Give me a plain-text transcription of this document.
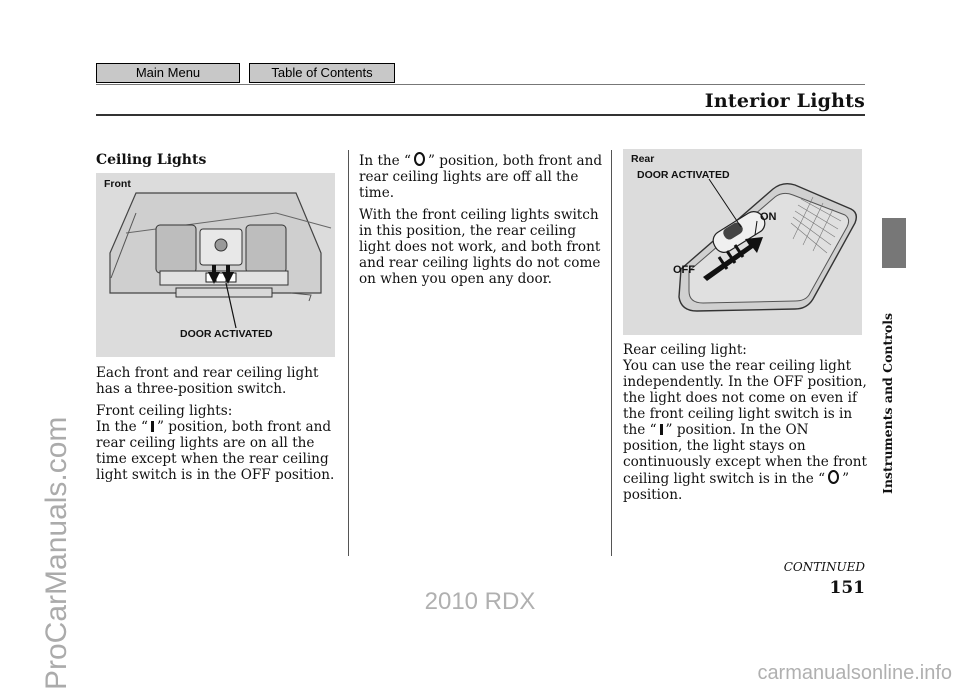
Main Menu	Table of Contents
Interior Lights
Instruments and Controls
Ceiling Lights
Front
DOOR ACTIVATED

Each front and rear ceiling light has a three-position switch.

Front ceiling lights:
In the “ ” position, both front and rear ceiling lights are on all the time except when the rear ceiling light switch is in the OFF position.

In the “ ” position, both front and rear ceiling lights are off all the time.

With the front ceiling lights switch in this position, the rear ceiling light does not work, and both front and rear ceiling lights do not come on when you open any door.

Rear
DOOR ACTIVATED
ON
OFF

Rear ceiling light:
You can use the rear ceiling light independently. In the OFF position, the light does not come on even if the front ceiling light switch is in the “ ” position. In the ON position, the light stays on continuously except when the front ceiling light switch is in the “ ” position.

CONTINUED
151
2010 RDX
ProCarManuals.com	carmanualsonline.info
